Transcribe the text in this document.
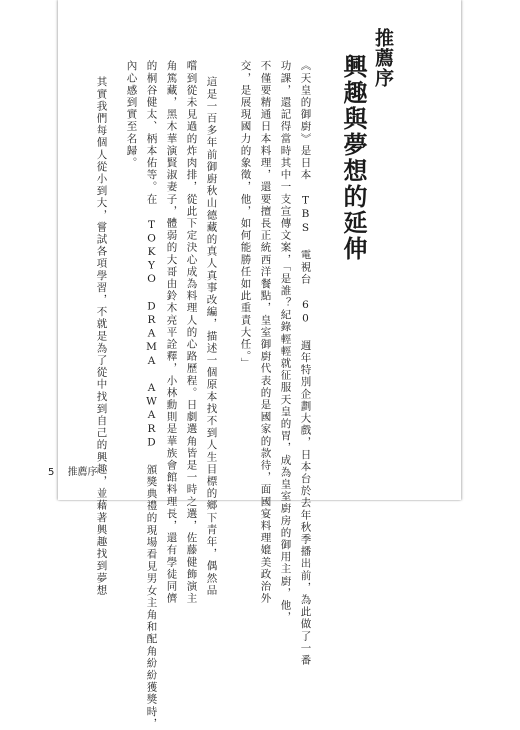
推薦序
興趣與夢想的延伸
《天皇的御廚》是日本 TBS 電視台 60 週年特別企劃大戲，日本台於去年秋季播出前，為此做了一番
功課，還記得當時其中一支宣傳文案，「是誰？紀錄輕輕就征服天皇的胃，成為皇室廚房的御用主廚，他，
不僅要精通日本料理，還要擅長正統西洋餐點，皇室御廚代表的是國家的款待，面國宴料理媲美政治外
交，是展現國力的象徵，他，如何能勝任如此重責大任。」
這是一百多年前御廚秋山德藏的真人真事改編，描述一個原本找不到人生目標的鄉下青年，偶然品
嚐到從未見過的炸肉排，從此下定決心成為料理人的心路歷程。日劇選角皆是一時之選，佐藤健飾演主
角篤藏，黑木華演賢淑妻子，體弱的大哥由鈴木亮平詮釋，小林勳則是華族會館料理長，還有學徒同儕
的桐谷健太、柄本佑等。在 TOKYO DRAMA AWARD 頒獎典禮的現場看見男女主角和配角紛紛獲獎時，
內心感到實至名歸。
其實我們每個人從小到大，嘗試各項學習，不就是為了從中找到自己的興趣，並藉著興趣找到夢想
5 推薦序
